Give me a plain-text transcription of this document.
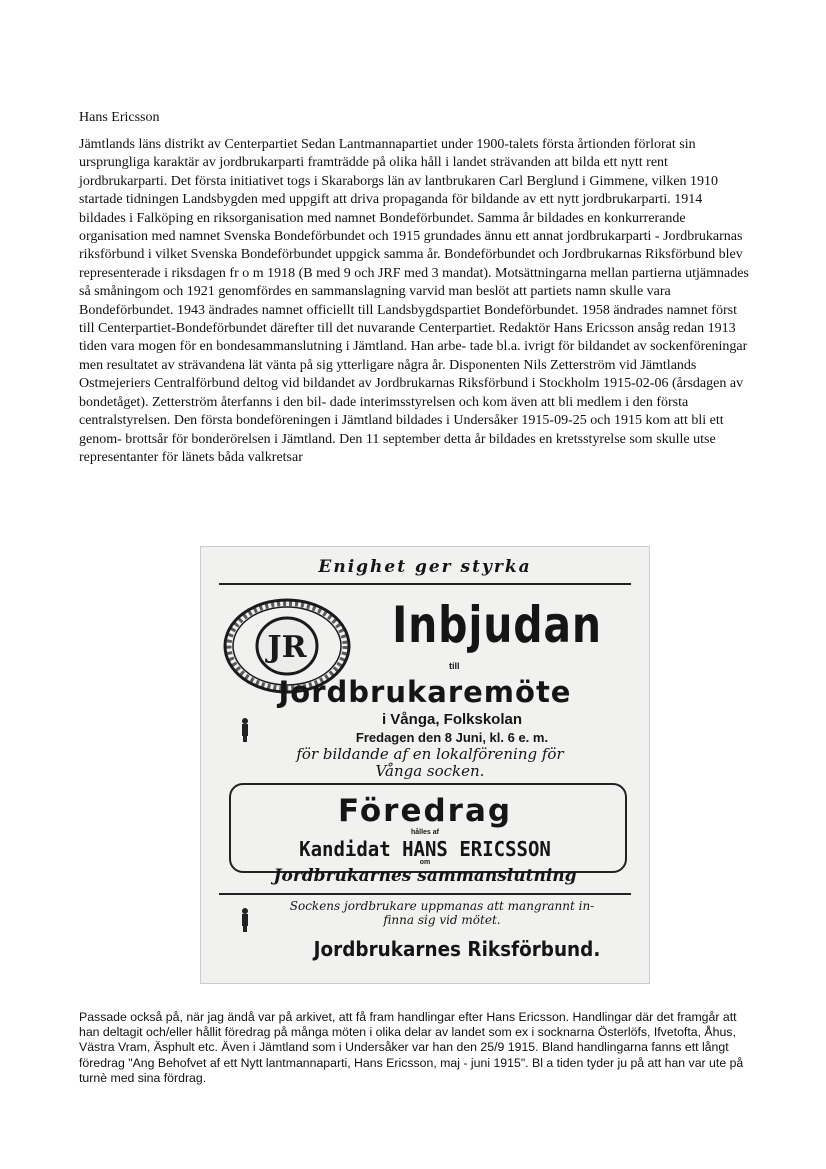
Hans Ericsson

Jämtlands läns distrikt av Centerpartiet Sedan Lantmannapartiet under 1900-talets första årtionden förlorat sin ursprungliga karaktär av jordbrukarparti framträdde på olika håll i landet strävanden att bilda ett nytt rent jordbrukarparti. Det första initiativet togs i Skaraborgs län av lantbrukaren Carl Berglund i Gimmene, vilken 1910 startade tidningen Landsbygden med uppgift att driva propaganda för bildande av ett nytt jordbrukarparti. 1914 bildades i Falköping en riksorganisation med namnet Bondeförbundet. Samma år bildades en konkurrerande organisation med namnet Svenska Bondeförbundet och 1915 grundades ännu ett annat jordbrukarparti - Jordbrukarnas riksförbund i vilket Svenska Bondeförbundet uppgick samma år. Bondeförbundet och Jordbrukarnas Riksförbund blev representerade i riksdagen fr o m 1918 (B med 9 och JRF med 3 mandat). Motsättningarna mellan partierna utjämnades så småningom och 1921 genomfördes en sammanslagning varvid man beslöt att partiets namn skulle vara Bondeförbundet. 1943 ändrades namnet officiellt till Landsbygdspartiet Bondeförbundet. 1958 ändrades namnet först till Centerpartiet-Bondeförbundet därefter till det nuvarande Centerpartiet. Redaktör Hans Ericsson ansåg redan 1913 tiden vara mogen för en bondesammanslutning i Jämtland. Han arbe- tade bl.a. ivrigt för bildandet av sockenföreningar men resultatet av strävandena lät vänta på sig ytterligare några år. Disponenten Nils Zetterström vid Jämtlands Ostmejeriers Centralförbund deltog vid bildandet av Jordbrukarnas Riksförbund i Stockholm 1915-02-06 (årsdagen av bondetåget). Zetterström återfanns i den bil- dade interimsstyrelsen och kom även att bli medlem i den första centralstyrelsen. Den första bondeföreningen i Jämtland bildades i Undersåker 1915-09-25 och 1915 kom att bli ett genom- brottsår för bonderörelsen i Jämtland. Den 11 september detta år bildades en kretsstyrelse som skulle utse representanter för länets båda valkretsar

Enighet ger styrka
JR Inbjudan
till
Jordbrukaremöte
i Vånga, Folkskolan
Fredagen den 8 Juni, kl. 6 e. m.
för bildande af en lokalförening för
Vånga socken.
Föredrag
hålles af
Kandidat HANS ERICSSON
om
Jordbrukarnes sammanslutning
Sockens jordbrukare uppmanas att mangrannt in-
finna sig vid mötet.
Jordbrukarnes Riksförbund.

Passade också på, när jag ändå var på arkivet, att få fram handlingar efter Hans Ericsson. Handlingar där det framgår att han deltagit och/eller hållit föredrag på många möten i olika delar av landet som ex i socknarna Österlöfs, Ifvetofta, Åhus, Västra Vram, Äsphult etc. Även i Jämtland som i Undersåker var han den 25/9 1915. Bland handlingarna fanns ett långt föredrag "Ang Behofvet af ett Nytt lantmannaparti, Hans Ericsson, maj - juni 1915". Bl a tiden tyder ju på att han var ute på turnè med sina fördrag.
